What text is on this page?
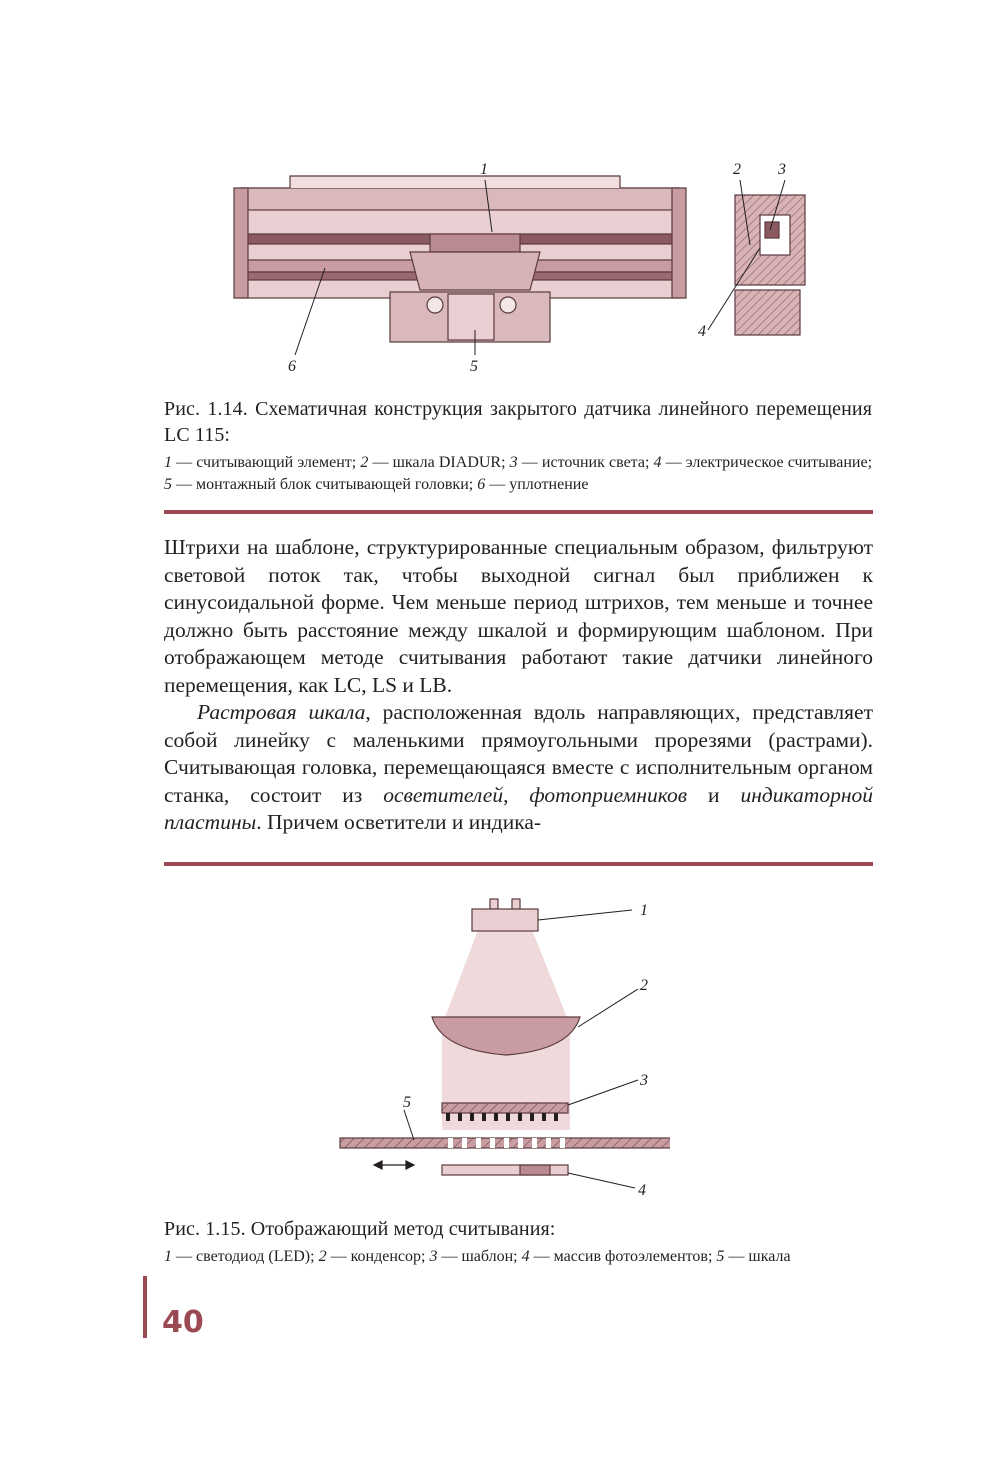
1	2 3
4
5
6
Рис. 1.14. Схематичная конструкция закрытого датчика линейного перемещения LC 115:
1 — считывающий элемент; 2 — шкала DIADUR; 3 — источник света; 4 — электрическое считывание; 5 — монтажный блок считывающей головки; 6 — уплотнение

Штрихи на шаблоне, структурированные специальным образом, фильтруют световой поток так, чтобы выходной сигнал был приближен к синусоидальной форме. Чем меньше период штрихов, тем меньше и точнее должно быть расстояние между шкалой и формирующим шаблоном. При отображающем методе считывания работают такие датчики линейного перемещения, как LC, LS и LB.

Растровая шкала, расположенная вдоль направляющих, представляет собой линейку с маленькими прямоугольными прорезями (растрами). Считывающая головка, перемещающаяся вместе с исполнительным органом станка, состоит из осветителей, фотоприемников и индикаторной пластины. Причем осветители и индика-

1
2
3
4
5
Рис. 1.15. Отображающий метод считывания:
1 — светодиод (LED); 2 — конденсор; 3 — шаблон; 4 — массив фотоэлементов; 5 — шкала
40
